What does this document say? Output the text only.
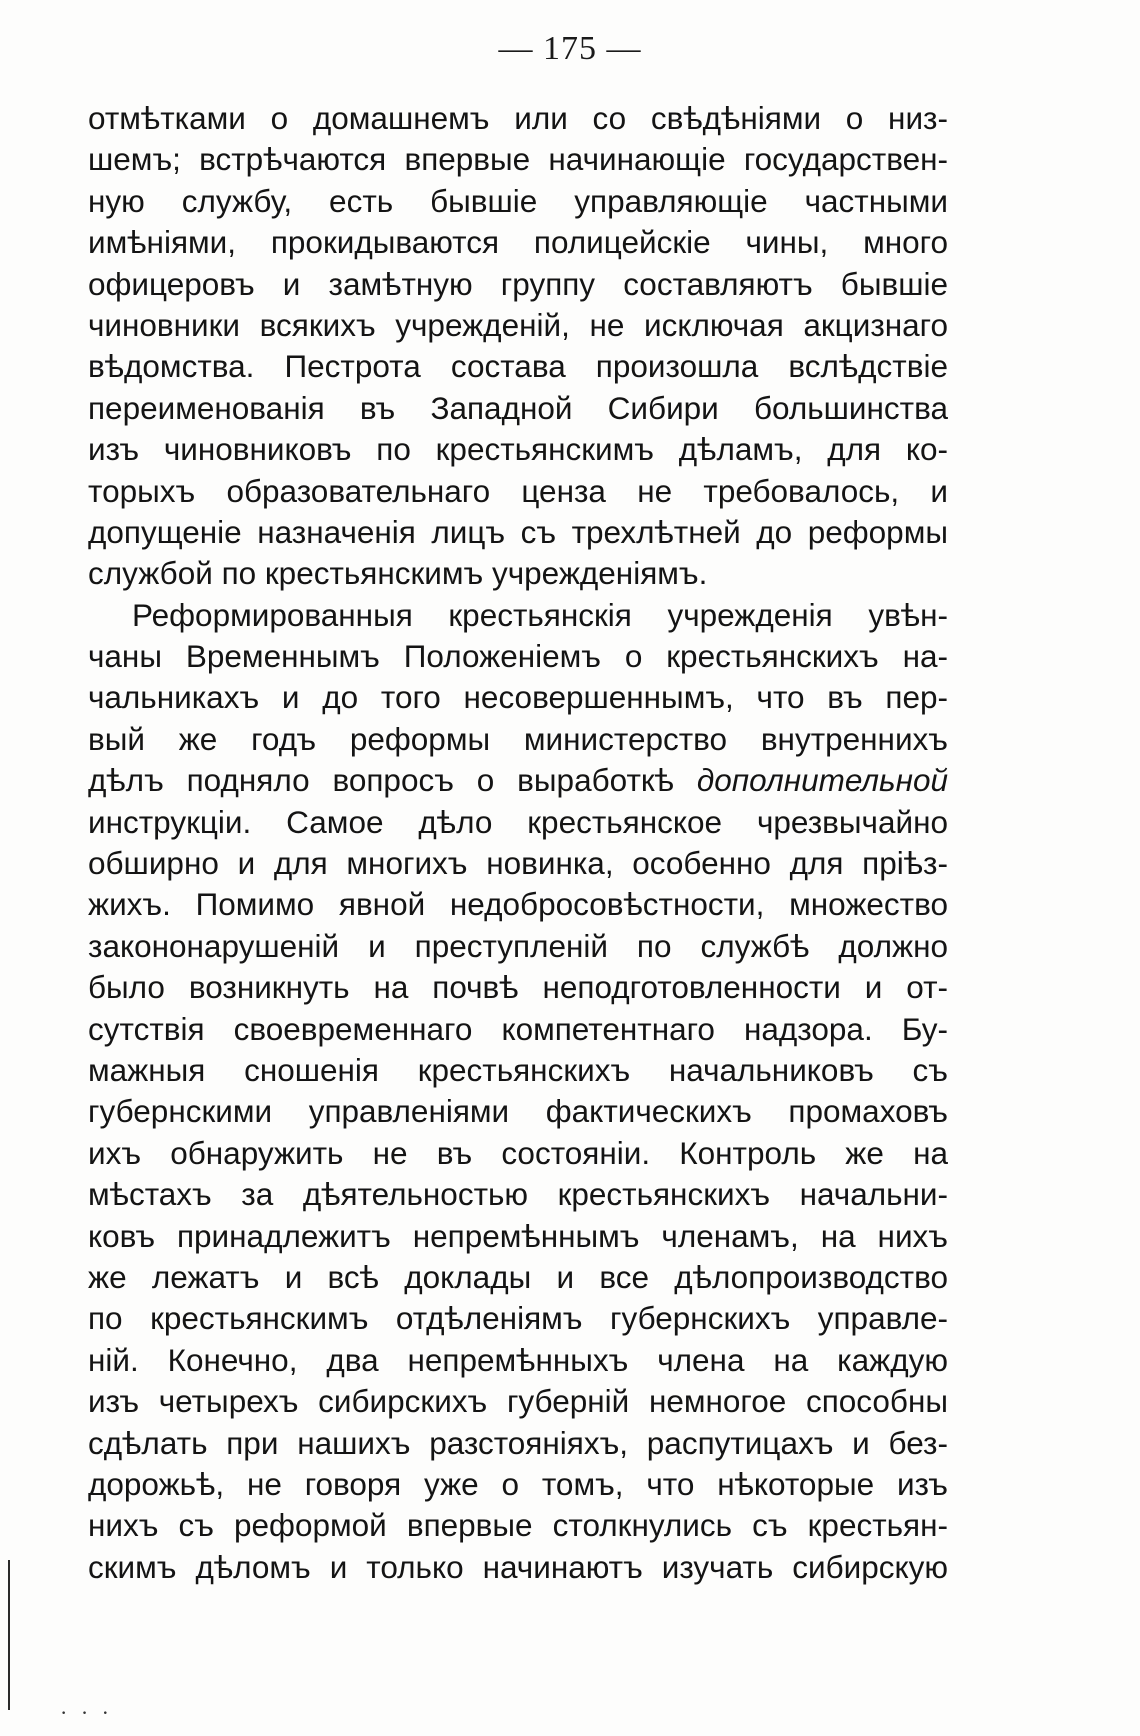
— 175 —
отмѣтками о домашнемъ или со свѣдѣніями о низ-
шемъ; встрѣчаются впервые начинающіе государствен-
ную службу, есть бывшіе управляющіе частными
имѣніями, прокидываются полицейскіе чины, много
офицеровъ и замѣтную группу составляютъ бывшіе
чиновники всякихъ учрежденій, не исключая акцизнаго
вѣдомства. Пестрота состава произошла вслѣдствіе
переименованія въ Западной Сибири большинства
изъ чиновниковъ по крестьянскимъ дѣламъ, для ко-
торыхъ образовательнаго ценза не требовалось, и
допущеніе назначенія лицъ съ трехлѣтней до реформы
службой по крестьянскимъ учрежденіямъ.
Реформированныя крестьянскія учрежденія увѣн-
чаны Временнымъ Положеніемъ о крестьянскихъ на-
чальникахъ и до того несовершеннымъ, что въ пер-
вый же годъ реформы министерство внутреннихъ
дѣлъ подняло вопросъ о выработкѣ дополнительной
инструкціи. Самое дѣло крестьянское чрезвычайно
обширно и для многихъ новинка, особенно для пріѣз-
жихъ. Помимо явной недобросовѣстности, множество
закононарушеній и преступленій по службѣ должно
было возникнуть на почвѣ неподготовленности и от-
сутствія своевременнаго компетентнаго надзора. Бу-
мажныя сношенія крестьянскихъ начальниковъ съ
губернскими управленіями фактическихъ промаховъ
ихъ обнаружить не въ состояніи. Контроль же на
мѣстахъ за дѣятельностью крестьянскихъ начальни-
ковъ принадлежитъ непремѣннымъ членамъ, на нихъ
же лежатъ и всѣ доклады и все дѣлопроизводство
по крестьянскимъ отдѣленіямъ губернскихъ управле-
ній. Конечно, два непремѣнныхъ члена на каждую
изъ четырехъ сибирскихъ губерній немногое способны
сдѣлать при нашихъ разстояніяхъ, распутицахъ и без-
дорожьѣ, не говоря уже о томъ, что нѣкоторые изъ
нихъ съ реформой впервые столкнулись съ крестьян-
скимъ дѣломъ и только начинаютъ изучать сибирскую
· · ·
